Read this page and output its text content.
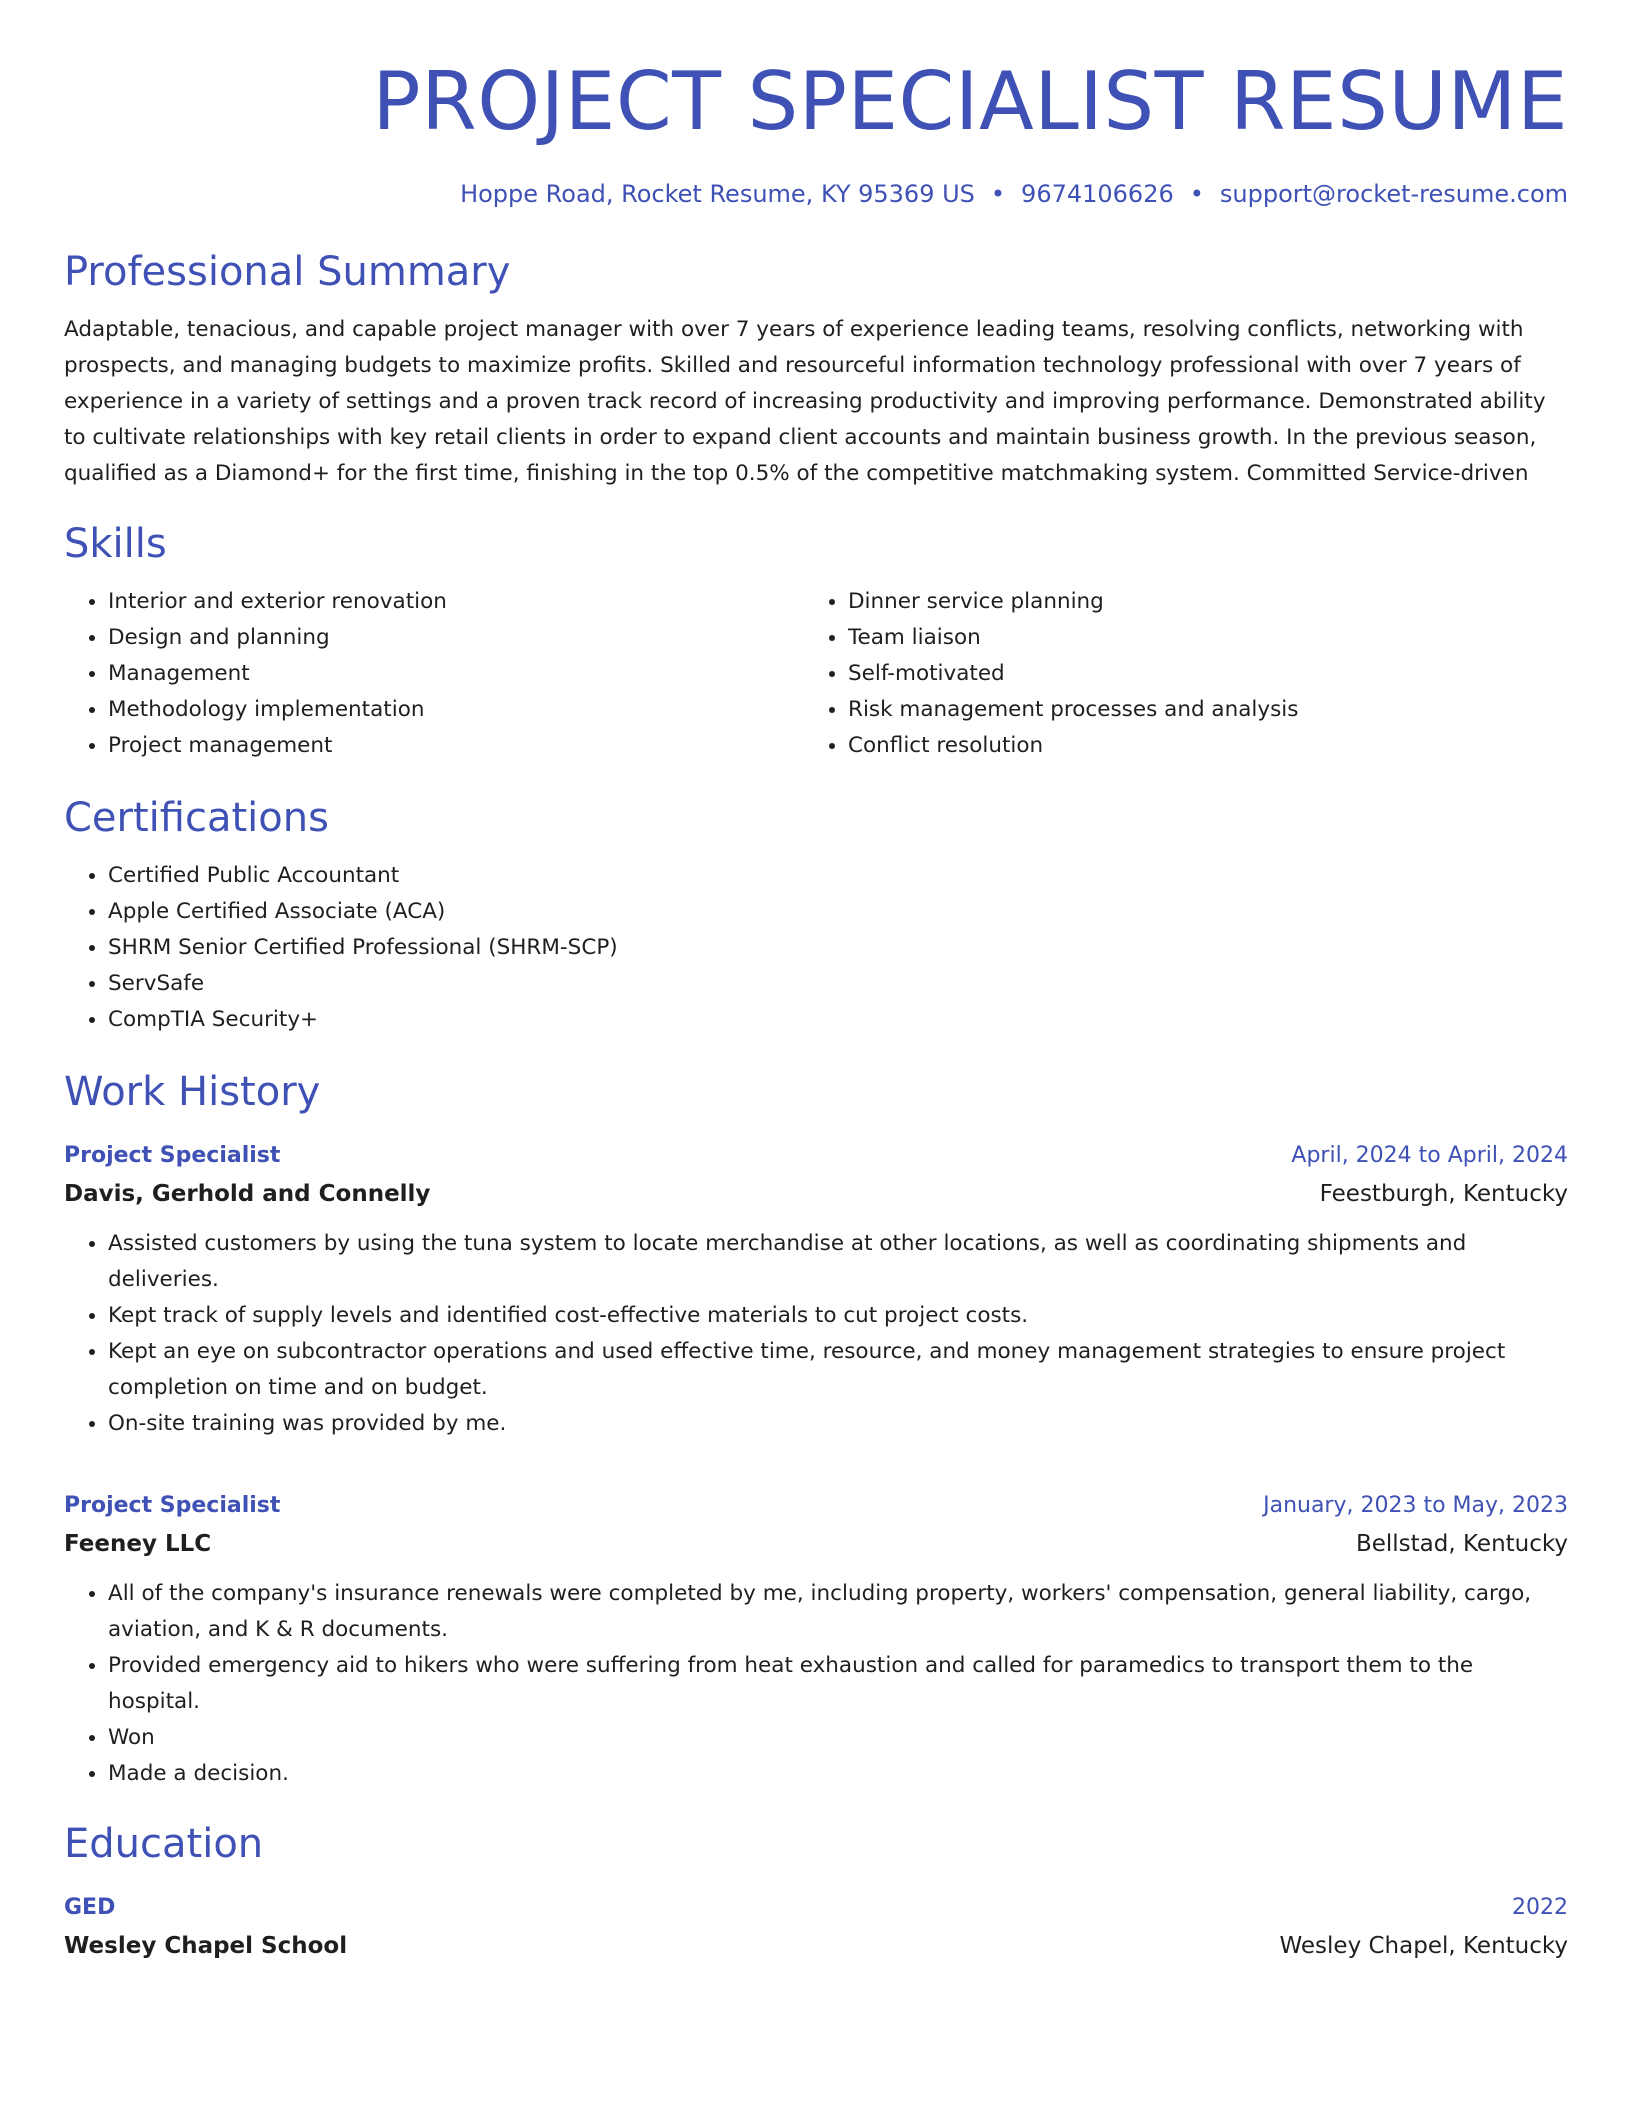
PROJECT SPECIALIST RESUME
Hoppe Road, Rocket Resume, KY 95369 US • 9674106626 • support@rocket-resume.com
Professional Summary
Adaptable, tenacious, and capable project manager with over 7 years of experience leading teams, resolving conflicts, networking with prospects, and managing budgets to maximize profits. Skilled and resourceful information technology professional with over 7 years of experience in a variety of settings and a proven track record of increasing productivity and improving performance. Demonstrated ability to cultivate relationships with key retail clients in order to expand client accounts and maintain business growth. In the previous season, qualified as a Diamond+ for the first time, finishing in the top 0.5% of the competitive matchmaking system. Committed Service-driven
Skills
• Interior and exterior renovation
• Design and planning
• Management
• Methodology implementation
• Project management
• Dinner service planning
• Team liaison
• Self-motivated
• Risk management processes and analysis
• Conflict resolution
Certifications
• Certified Public Accountant
• Apple Certified Associate (ACA)
• SHRM Senior Certified Professional (SHRM-SCP)
• ServSafe
• CompTIA Security+
Work History
Project Specialist	April, 2024 to April, 2024
Davis, Gerhold and Connelly	Feestburgh, Kentucky
• Assisted customers by using the tuna system to locate merchandise at other locations, as well as coordinating shipments and deliveries.
• Kept track of supply levels and identified cost-effective materials to cut project costs.
• Kept an eye on subcontractor operations and used effective time, resource, and money management strategies to ensure project completion on time and on budget.
• On-site training was provided by me.
Project Specialist	January, 2023 to May, 2023
Feeney LLC	Bellstad, Kentucky
• All of the company's insurance renewals were completed by me, including property, workers' compensation, general liability, cargo, aviation, and K & R documents.
• Provided emergency aid to hikers who were suffering from heat exhaustion and called for paramedics to transport them to the hospital.
• Won
• Made a decision.
Education
GED	2022
Wesley Chapel School	Wesley Chapel, Kentucky
